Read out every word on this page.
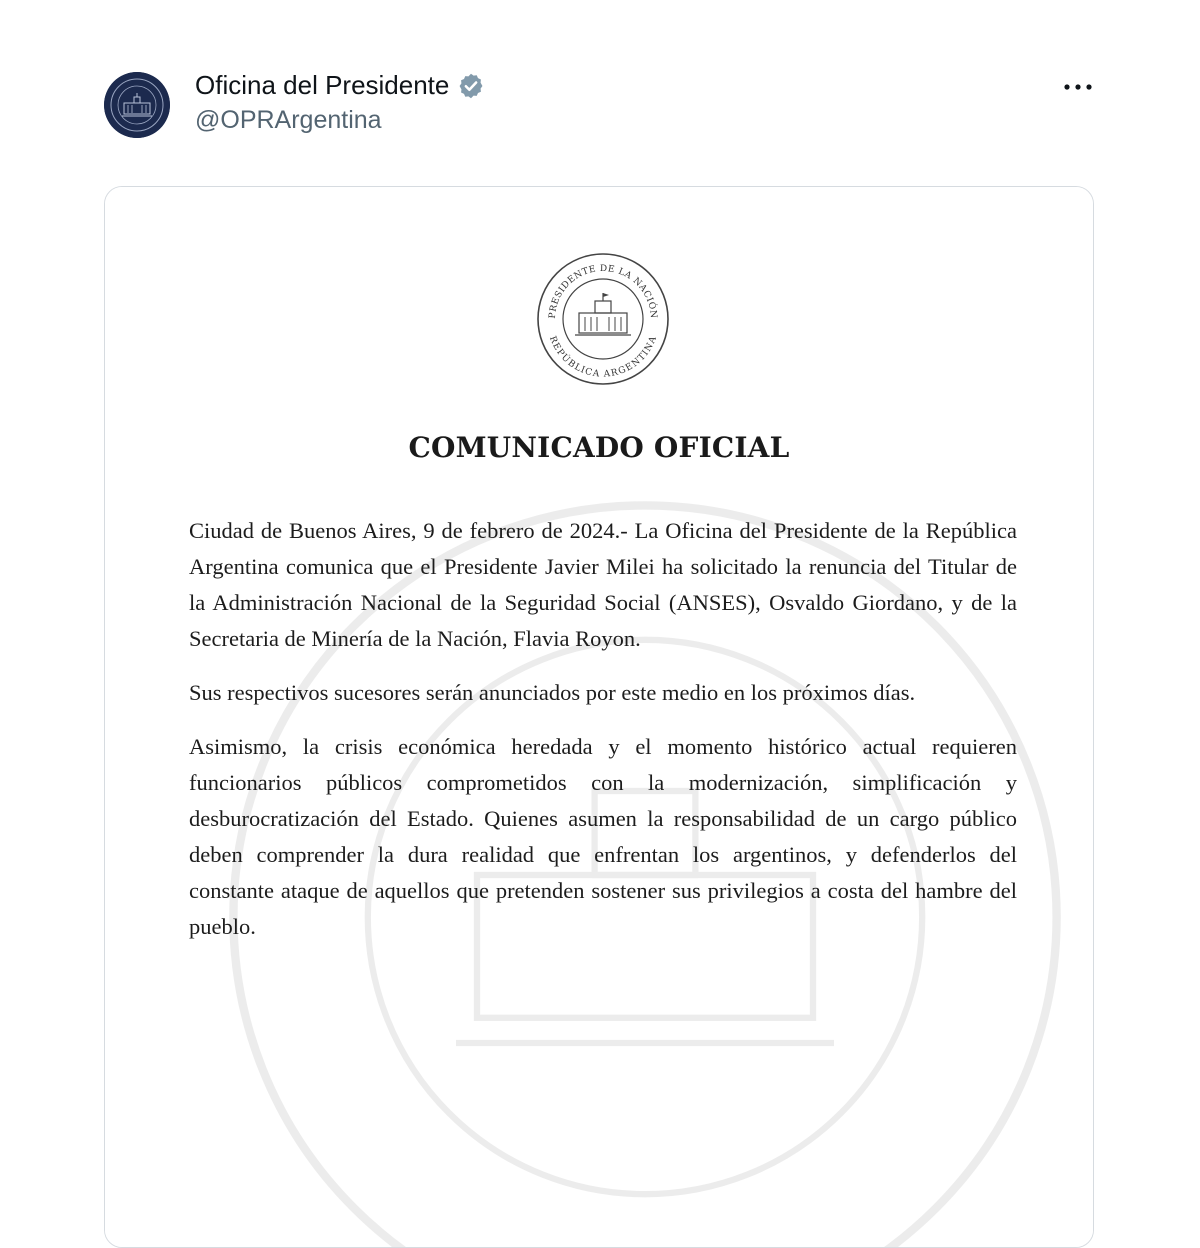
Oficina del Presidente
@OPRArgentina
PRESIDENTE DE LA NACIÓN
REPÚBLICA ARGENTINA
COMUNICADO OFICIAL

Ciudad de Buenos Aires, 9 de febrero de 2024.- La Oficina del Presidente de la República Argentina comunica que el Presidente Javier Milei ha solicitado la renuncia del Titular de la Administración Nacional de la Seguridad Social (ANSES), Osvaldo Giordano, y de la Secretaria de Minería de la Nación, Flavia Royon.

Sus respectivos sucesores serán anunciados por este medio en los próximos días.

Asimismo, la crisis económica heredada y el momento histórico actual requieren funcionarios públicos comprometidos con la modernización, simplificación y desburocratización del Estado. Quienes asumen la responsabilidad de un cargo público deben comprender la dura realidad que enfrentan los argentinos, y defenderlos del constante ataque de aquellos que pretenden sostener sus privilegios a costa del hambre del pueblo.
